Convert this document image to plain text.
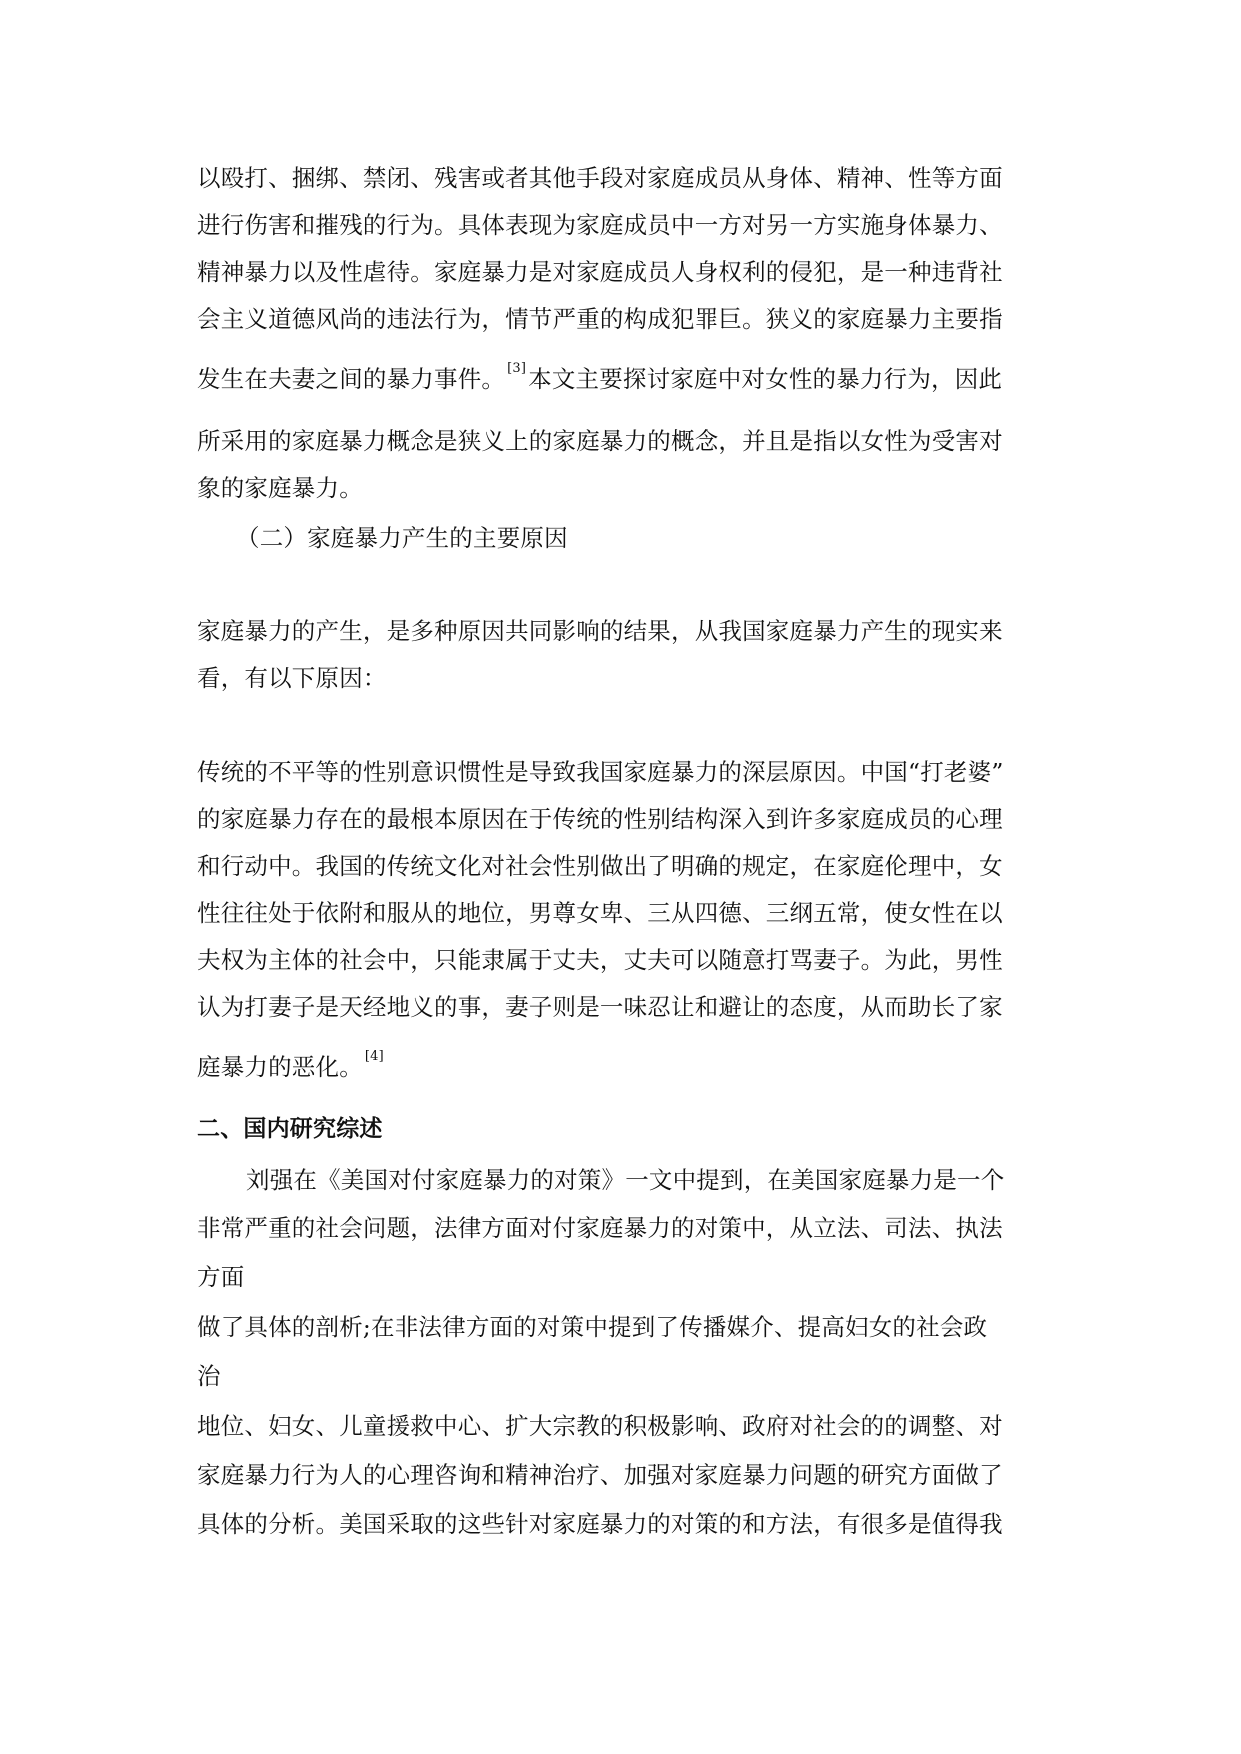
以殴打、捆绑、禁闭、残害或者其他手段对家庭成员从身体、精神、性等方面
进行伤害和摧残的行为。具体表现为家庭成员中一方对另一方实施身体暴力、
精神暴力以及性虐待。家庭暴力是对家庭成员人身权利的侵犯，是一种违背社
会主义道德风尚的违法行为，情节严重的构成犯罪巨。狭义的家庭暴力主要指
发生在夫妻之间的暴力事件。 [3]本文主要探讨家庭中对女性的暴力行为，因此
所采用的家庭暴力概念是狭义上的家庭暴力的概念，并且是指以女性为受害对
象的家庭暴力。
（二）家庭暴力产生的主要原因
家庭暴力的产生，是多种原因共同影响的结果，从我国家庭暴力产生的现实来
看，有以下原因：
传统的不平等的性别意识惯性是导致我国家庭暴力的深层原因。中国“打老婆”
的家庭暴力存在的最根本原因在于传统的性别结构深入到许多家庭成员的心理
和行动中。我国的传统文化对社会性别做出了明确的规定，在家庭伦理中，女
性往往处于依附和服从的地位，男尊女卑、三从四德、三纲五常，使女性在以
夫权为主体的社会中，只能隶属于丈夫，丈夫可以随意打骂妻子。为此，男性
认为打妻子是天经地义的事，妻子则是一味忍让和避让的态度，从而助长了家
庭暴力的恶化。 [4]
二、国内研究综述
刘强在《美国对付家庭暴力的对策》一文中提到，在美国家庭暴力是一个
非常严重的社会问题，法律方面对付家庭暴力的对策中，从立法、司法、执法
方面
做了具体的剖析;在非法律方面的对策中提到了传播媒介、提高妇女的社会政
治
地位、妇女、儿童援救中心、扩大宗教的积极影响、政府对社会的的调整、对
家庭暴力行为人的心理咨询和精神治疗、加强对家庭暴力问题的研究方面做了
具体的分析。美国采取的这些针对家庭暴力的对策的和方法，有很多是值得我
